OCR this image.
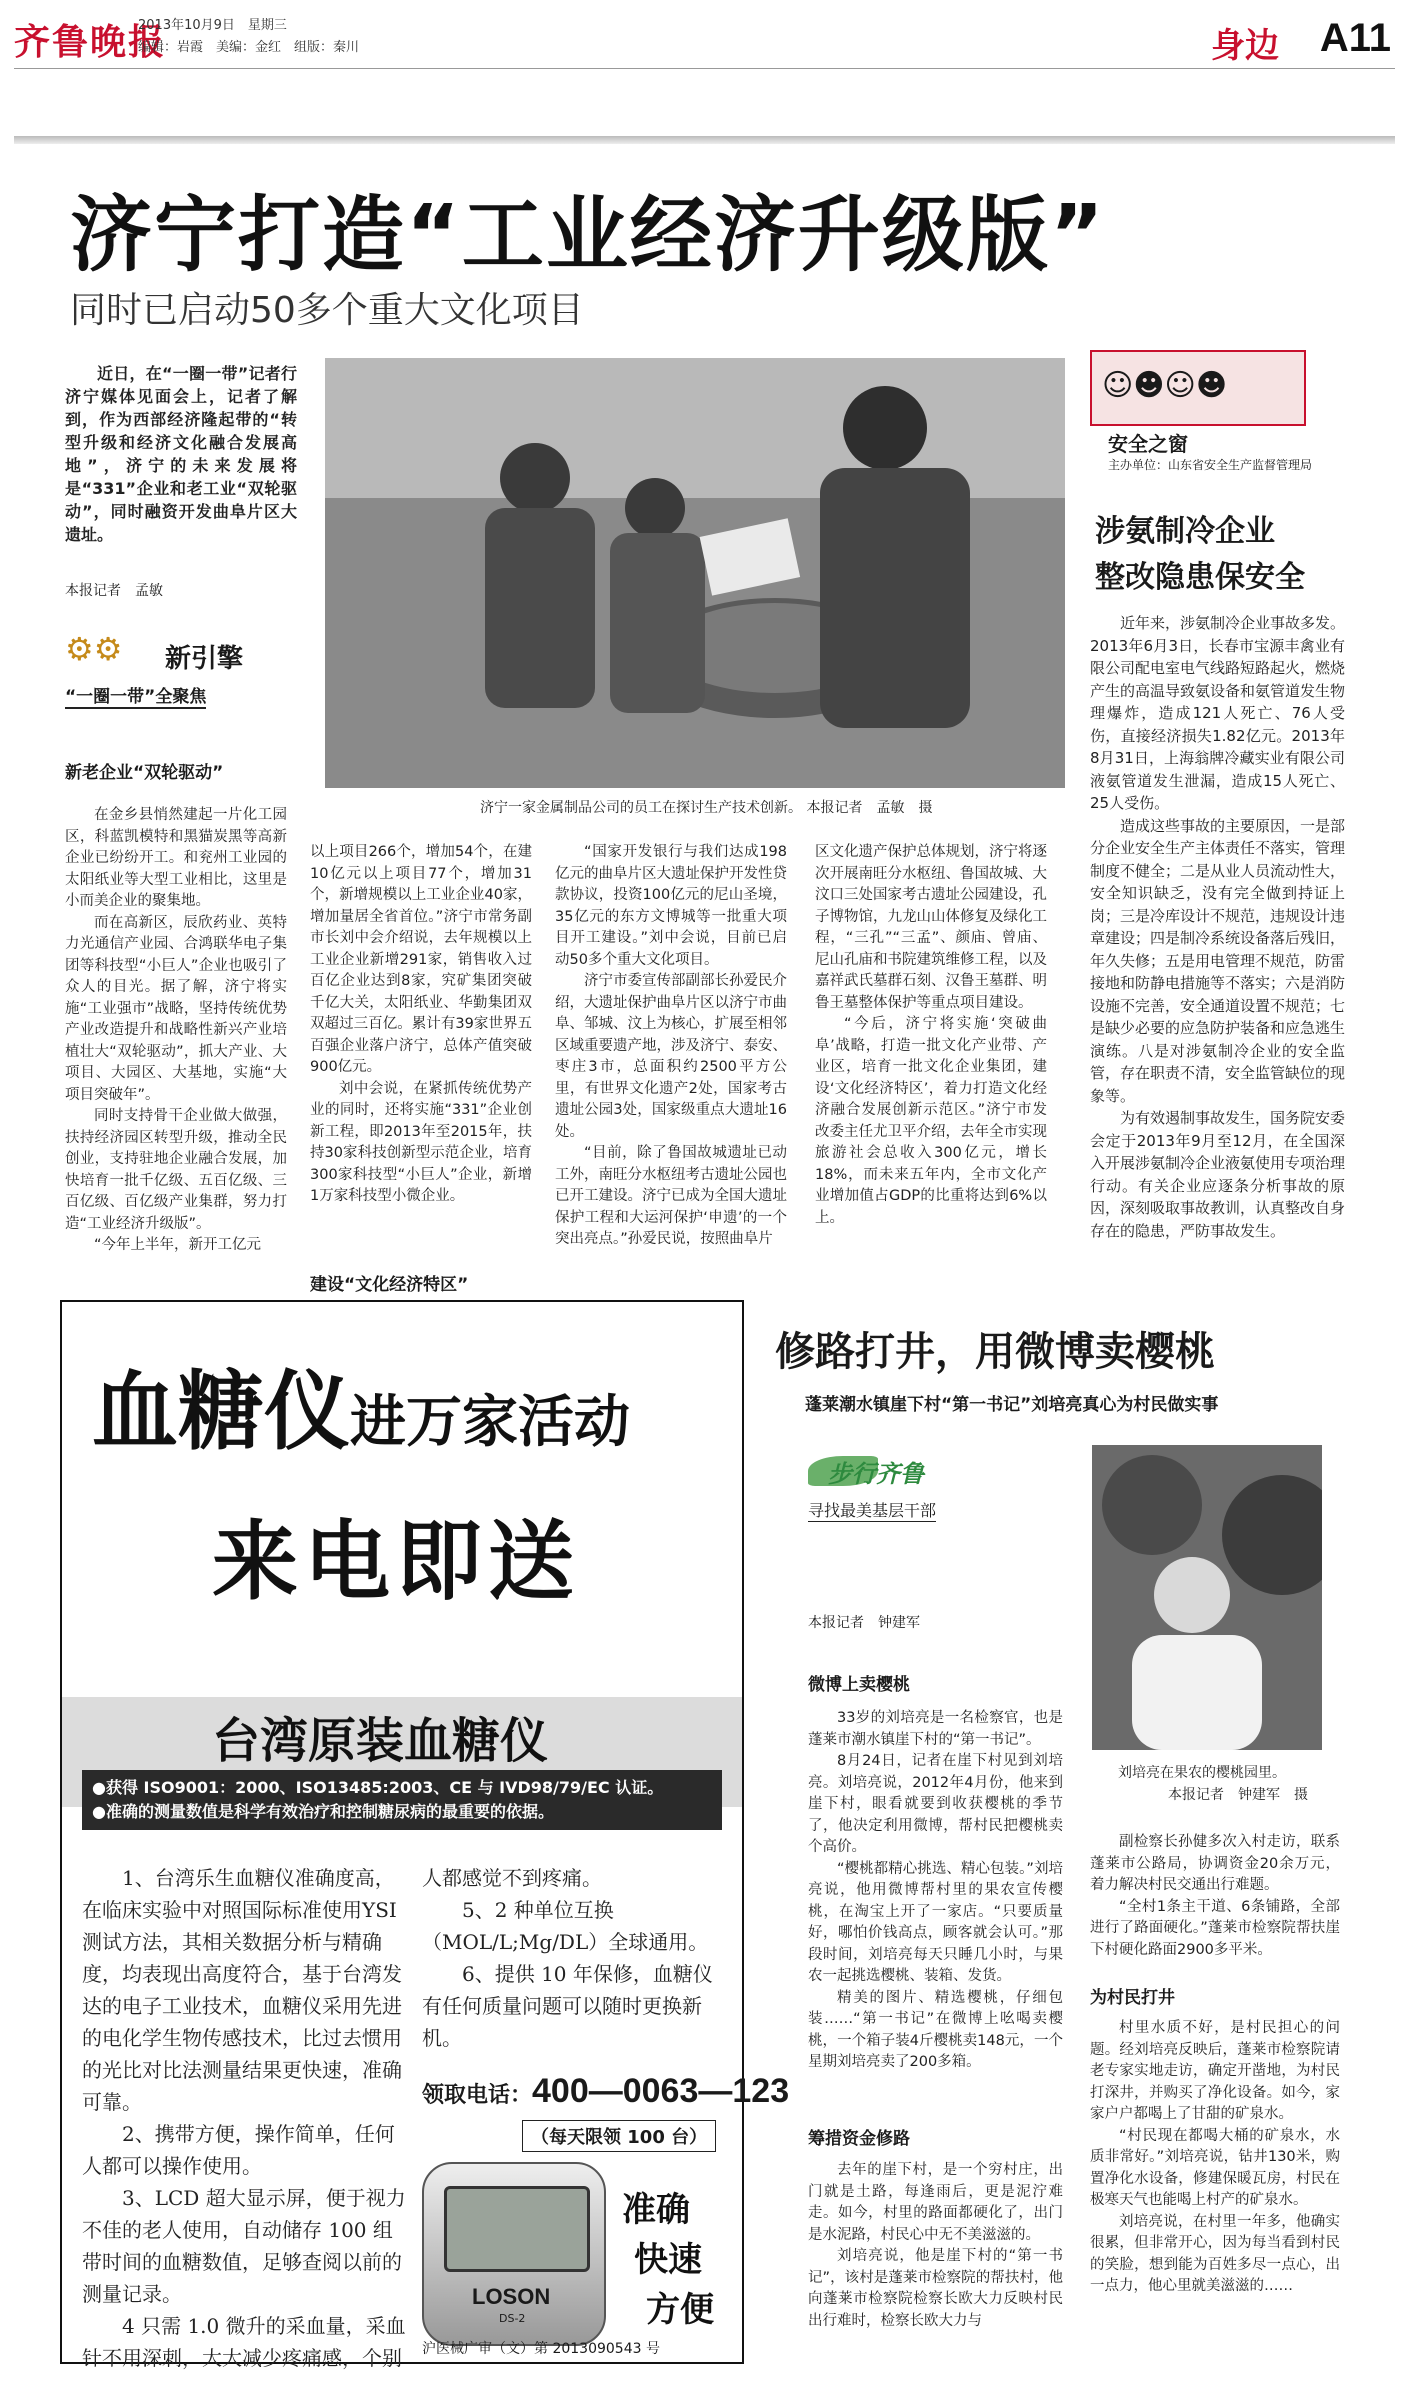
齐鲁晚报
2013年10月9日　星期三
编辑：岩霞　美编：金红　组版：秦川	身边 A11
济宁打造“工业经济升级版”
同时已启动50多个重大文化项目

近日，在“一圈一带”记者行济宁媒体见面会上，记者了解到，作为西部经济隆起带的“转型升级和经济文化融合发展高地”，济宁的未来发展将是“331”企业和老工业“双轮驱动”，同时融资开发曲阜片区大遗址。

本报记者　孟敏
⚙⚙ 新引擎
“一圈一带”全聚焦
新老企业“双轮驱动”

在金乡县悄然建起一片化工园区，科蓝凯模特和黑猫炭黑等高新企业已纷纷开工。和兖州工业园的太阳纸业等大型工业相比，这里是小而美企业的聚集地。

而在高新区，辰欣药业、英特力光通信产业园、合鸿联华电子集团等科技型“小巨人”企业也吸引了众人的目光。据了解，济宁将实施“工业强市”战略，坚持传统优势产业改造提升和战略性新兴产业培植壮大“双轮驱动”，抓大产业、大项目、大园区、大基地，实施“大项目突破年”。

同时支持骨干企业做大做强，扶持经济园区转型升级，推动全民创业，支持驻地企业融合发展，加快培育一批千亿级、五百亿级、三百亿级、百亿级产业集群，努力打造“工业经济升级版”。

“今年上半年，新开工亿元

济宁一家金属制品公司的员工在探讨生产技术创新。 本报记者　孟敏　摄

以上项目266个，增加54个，在建10亿元以上项目77个，增加31个，新增规模以上工业企业40家，增加量居全省首位。”济宁市常务副市长刘中会介绍说，去年规模以上工业企业新增291家，销售收入过百亿企业达到8家，究矿集团突破千亿大关，太阳纸业、华勤集团双双超过三百亿。累计有39家世界五百强企业落户济宁，总体产值突破900亿元。

刘中会说，在紧抓传统优势产业的同时，还将实施“331”企业创新工程，即2013年至2015年，扶持30家科技创新型示范企业，培育300家科技型“小巨人”企业，新增1万家科技型小微企业。

建设“文化经济特区”

“国家开发银行与我们达成198亿元的曲阜片区大遗址保护开发性贷款协议，投资100亿元的尼山圣境，35亿元的东方文博城等一批重大项目开工建设。”刘中会说，目前已启动50多个重大文化项目。

济宁市委宣传部副部长孙爱民介绍，大遗址保护曲阜片区以济宁市曲阜、邹城、汶上为核心，扩展至相邻区域重要遗产地，涉及济宁、泰安、枣庄3市，总面积约2500平方公里，有世界文化遗产2处，国家考古遗址公园3处，国家级重点大遗址16处。

“目前，除了鲁国故城遗址已动工外，南旺分水枢纽考古遗址公园也已开工建设。济宁已成为全国大遗址保护工程和大运河保护‘申遗’的一个突出亮点。”孙爱民说，按照曲阜片

区文化遗产保护总体规划，济宁将逐次开展南旺分水枢纽、鲁国故城、大汶口三处国家考古遗址公园建设，孔子博物馆，九龙山山体修复及绿化工程，“三孔”“三孟”、颜庙、曾庙、尼山孔庙和书院建筑维修工程，以及嘉祥武氏墓群石刻、汉鲁王墓群、明鲁王墓整体保护等重点项目建设。

“今后，济宁将实施‘突破曲阜’战略，打造一批文化产业带、产业区，培育一批文化企业集团，建设‘文化经济特区’，着力打造文化经济融合发展创新示范区。”济宁市发改委主任尤卫平介绍，去年全市实现旅游社会总收入300亿元，增长18%，而未来五年内，全市文化产业增加值占GDP的比重将达到6%以上。

☺☻☺☻
安全之窗
主办单位：山东省安全生产监督管理局
涉氨制冷企业
整改隐患保安全

近年来，涉氨制冷企业事故多发。2013年6月3日，长春市宝源丰禽业有限公司配电室电气线路短路起火，燃烧产生的高温导致氨设备和氨管道发生物理爆炸，造成121人死亡、76人受伤，直接经济损失1.82亿元。2013年8月31日，上海翁牌冷藏实业有限公司液氨管道发生泄漏，造成15人死亡、25人受伤。

造成这些事故的主要原因，一是部分企业安全生产主体责任不落实，管理制度不健全；二是从业人员流动性大，安全知识缺乏，没有完全做到持证上岗；三是冷库设计不规范，违规设计违章建设；四是制冷系统设备落后残旧，年久失修；五是用电管理不规范，防雷接地和防静电措施等不落实；六是消防设施不完善，安全通道设置不规范；七是缺少必要的应急防护装备和应急逃生演练。八是对涉氨制冷企业的安全监管，存在职责不清，安全监管缺位的现象等。

为有效遏制事故发生，国务院安委会定于2013年9月至12月，在全国深入开展涉氨制冷企业液氨使用专项治理行动。有关企业应逐条分析事故的原因，深刻吸取事故教训，认真整改自身存在的隐患，严防事故发生。

血糖仪进万家活动
来电即送
台湾原装血糖仪
●获得 ISO9001：2000、ISO13485:2003、CE 与 IVD98/79/EC 认证。
●准确的测量数值是科学有效治疗和控制糖尿病的最重要的依据。

1、台湾乐生血糖仪准确度高，在临床实验中对照国际标准使用YSI测试方法，其相关数据分析与精确度，均表现出高度符合，基于台湾发达的电子工业技术，血糖仪采用先进的电化学生物传感技术，比过去惯用的光比对比法测量结果更快速，准确可靠。

2、携带方便，操作简单，任何人都可以操作使用。

3、LCD 超大显示屏，便于视力不佳的老人使用，自动储存 100 组带时间的血糖数值，足够查阅以前的测量记录。

4 只需 1.0 微升的采血量，采血针不用深刺，大大减少疼痛感，个别

人都感觉不到疼痛。

5、2 种单位互换（MOL/L;Mg/DL）全球通用。

6、提供 10 年保修，血糖仪有任何质量问题可以随时更换新机。

领取电话：400—0063—123
（每天限领 100 台）
LOSON
DS-2
准确
快速
方便
沪医械广审（文）第 2013090543 号
修路打井，用微博卖樱桃
蓬莱潮水镇崖下村“第一书记”刘培亮真心为村民做实事
步行齐鲁
寻找最美基层干部
本报记者　钟建军
刘培亮在果农的樱桃园里。
本报记者　钟建军　摄
微博上卖樱桃

33岁的刘培亮是一名检察官，也是蓬莱市潮水镇崖下村的“第一书记”。

8月24日，记者在崖下村见到刘培亮。刘培亮说，2012年4月份，他来到崖下村，眼看就要到收获樱桃的季节了，他决定利用微博，帮村民把樱桃卖个高价。

“樱桃都精心挑选、精心包装。”刘培亮说，他用微博帮村里的果农宣传樱桃，在淘宝上开了一家店。“只要质量好，哪怕价钱高点，顾客就会认可。”那段时间，刘培亮每天只睡几小时，与果农一起挑选樱桃、装箱、发货。

精美的图片、精选樱桃，仔细包装……“第一书记”在微博上吆喝卖樱桃，一个箱子装4斤樱桃卖148元，一个星期刘培亮卖了200多箱。

筹措资金修路

去年的崖下村，是一个穷村庄，出门就是土路，每逢雨后，更是泥泞难走。如今，村里的路面都硬化了，出门是水泥路，村民心中无不美滋滋的。

刘培亮说，他是崖下村的“第一书记”，该村是蓬莱市检察院的帮扶村，他向蓬莱市检察院检察长欧大力反映村民出行难时，检察长欧大力与

副检察长孙健多次入村走访，联系蓬莱市公路局，协调资金20余万元，着力解决村民交通出行难题。

“全村1条主干道、6条铺路，全部进行了路面硬化。”蓬莱市检察院帮扶崖下村硬化路面2900多平米。

为村民打井

村里水质不好，是村民担心的问题。经刘培亮反映后，蓬莱市检察院请老专家实地走访，确定开凿地，为村民打深井，并购买了净化设备。如今，家家户户都喝上了甘甜的矿泉水。

“村民现在都喝大桶的矿泉水，水质非常好。”刘培亮说，钻井130米，购置净化水设备，修建保暖瓦房，村民在极寒天气也能喝上村产的矿泉水。

刘培亮说，在村里一年多，他确实很累，但非常开心，因为每当看到村民的笑脸，想到能为百姓多尽一点心，出一点力，他心里就美滋滋的……
